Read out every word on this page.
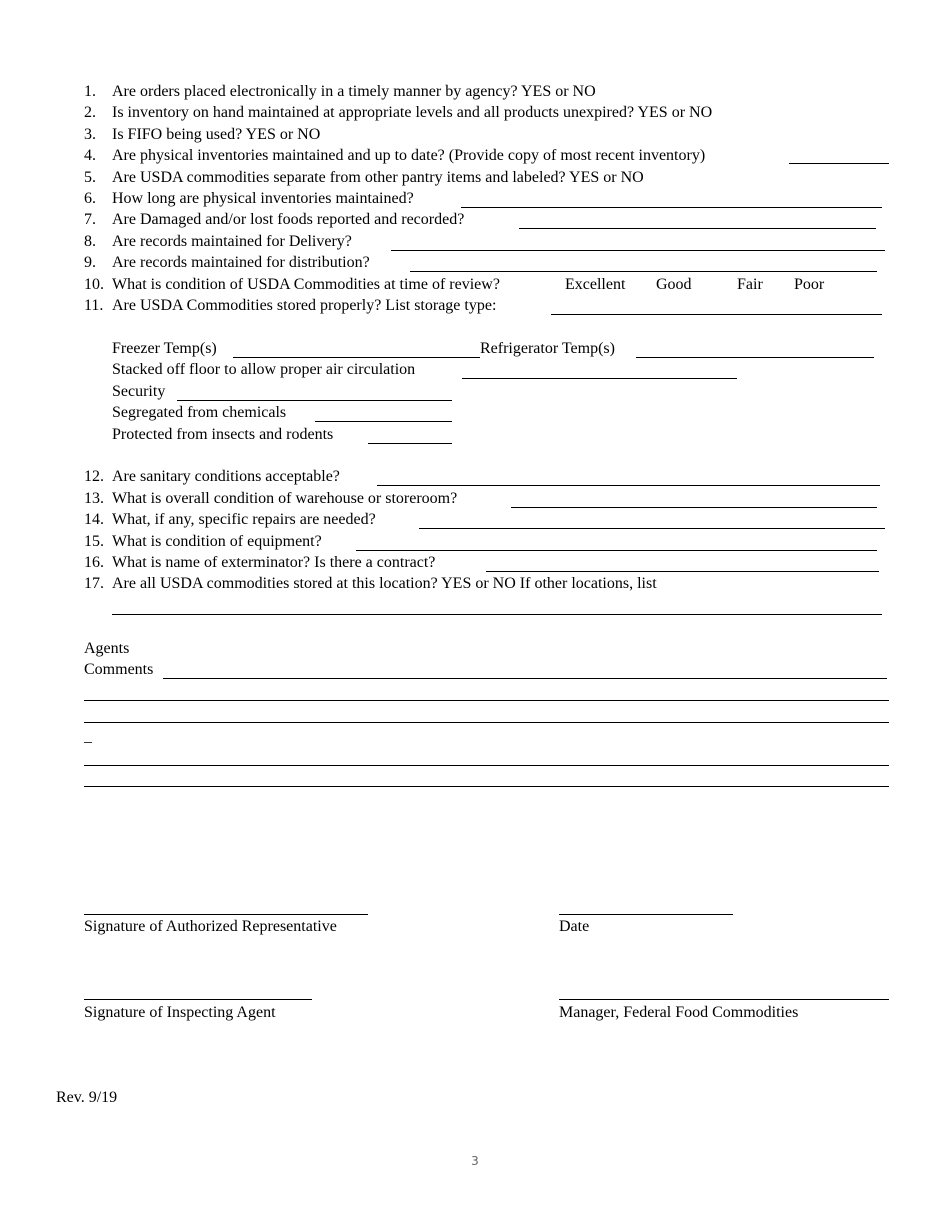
1. Are orders placed electronically in a timely manner by agency? YES or NO
2. Is inventory on hand maintained at appropriate levels and all products unexpired? YES or NO
3. Is FIFO being used? YES or NO
4. Are physical inventories maintained and up to date? (Provide copy of most recent inventory)
5. Are USDA commodities separate from other pantry items and labeled? YES or NO
6. How long are physical inventories maintained?
7. Are Damaged and/or lost foods reported and recorded?
8. Are records maintained for Delivery?
9. Are records maintained for distribution?
10. What is condition of USDA Commodities at time of review?	Excellent Good	Fair Poor
11. Are USDA Commodities stored properly? List storage type:
Freezer Temp(s)	Refrigerator Temp(s)
Stacked off floor to allow proper air circulation
Security
Segregated from chemicals
Protected from insects and rodents
12. Are sanitary conditions acceptable?
13. What is overall condition of warehouse or storeroom?
14. What, if any, specific repairs are needed?
15. What is condition of equipment?
16. What is name of exterminator? Is there a contract?
17. Are all USDA commodities stored at this location? YES or NO If other locations, list
Agents
Comments
_
Signature of Authorized Representative	Date
Signature of Inspecting Agent	Manager, Federal Food Commodities
Rev. 9/19
3
